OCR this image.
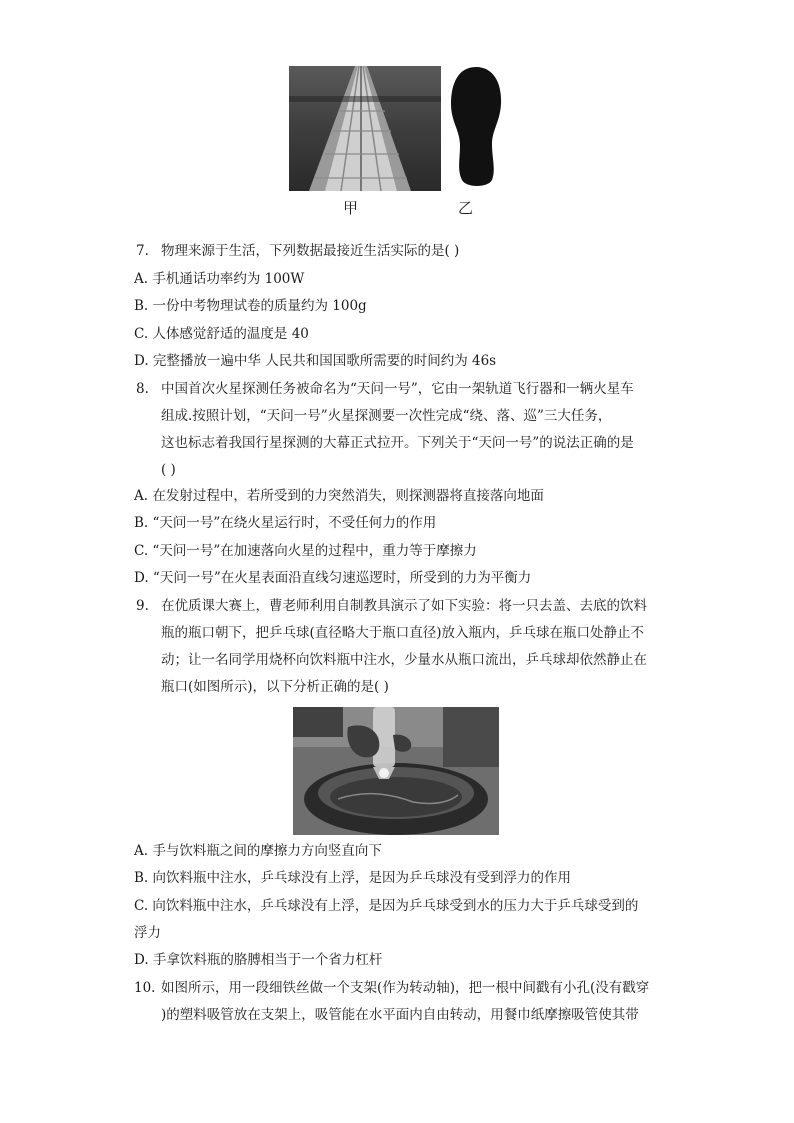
甲	乙
7. 物理来源于生活，下列数据最接近生活实际的是( )
A. 手机通话功率约为 100W
B. 一份中考物理试卷的质量约为 100g
C. 人体感觉舒适的温度是 40
D. 完整播放一遍中华 人民共和国国歌所需要的时间约为 46s
8. 中国首次火星探测任务被命名为“天问一号”，它由一架轨道飞行器和一辆火星车
组成.按照计划，“天问一号”火星探测要一次性完成“绕、落、巡”三大任务，
这也标志着我国行星探测的大幕正式拉开。下列关于“天问一号”的说法正确的是
( )
A. 在发射过程中，若所受到的力突然消失，则探测器将直接落向地面
B. “天问一号”在绕火星运行时，不受任何力的作用
C. “天问一号”在加速落向火星的过程中，重力等于摩擦力
D. “天问一号”在火星表面沿直线匀速巡逻时，所受到的力为平衡力
9. 在优质课大赛上，曹老师利用自制教具演示了如下实验：将一只去盖、去底的饮料
瓶的瓶口朝下，把乒乓球(直径略大于瓶口直径)放入瓶内，乒乓球在瓶口处静止不
动；让一名同学用烧杯向饮料瓶中注水，少量水从瓶口流出，乒乓球却依然静止在
瓶口(如图所示)，以下分析正确的是( )
A. 手与饮料瓶之间的摩擦力方向竖直向下
B. 向饮料瓶中注水，乒乓球没有上浮，是因为乒乓球没有受到浮力的作用
C. 向饮料瓶中注水，乒乓球没有上浮，是因为乒乓球受到水的压力大于乒乓球受到的
浮力
D. 手拿饮料瓶的胳膊相当于一个省力杠杆
10. 如图所示，用一段细铁丝做一个支架(作为转动轴)，把一根中间戳有小孔(没有戳穿
)的塑料吸管放在支架上，吸管能在水平面内自由转动，用餐巾纸摩擦吸管使其带
